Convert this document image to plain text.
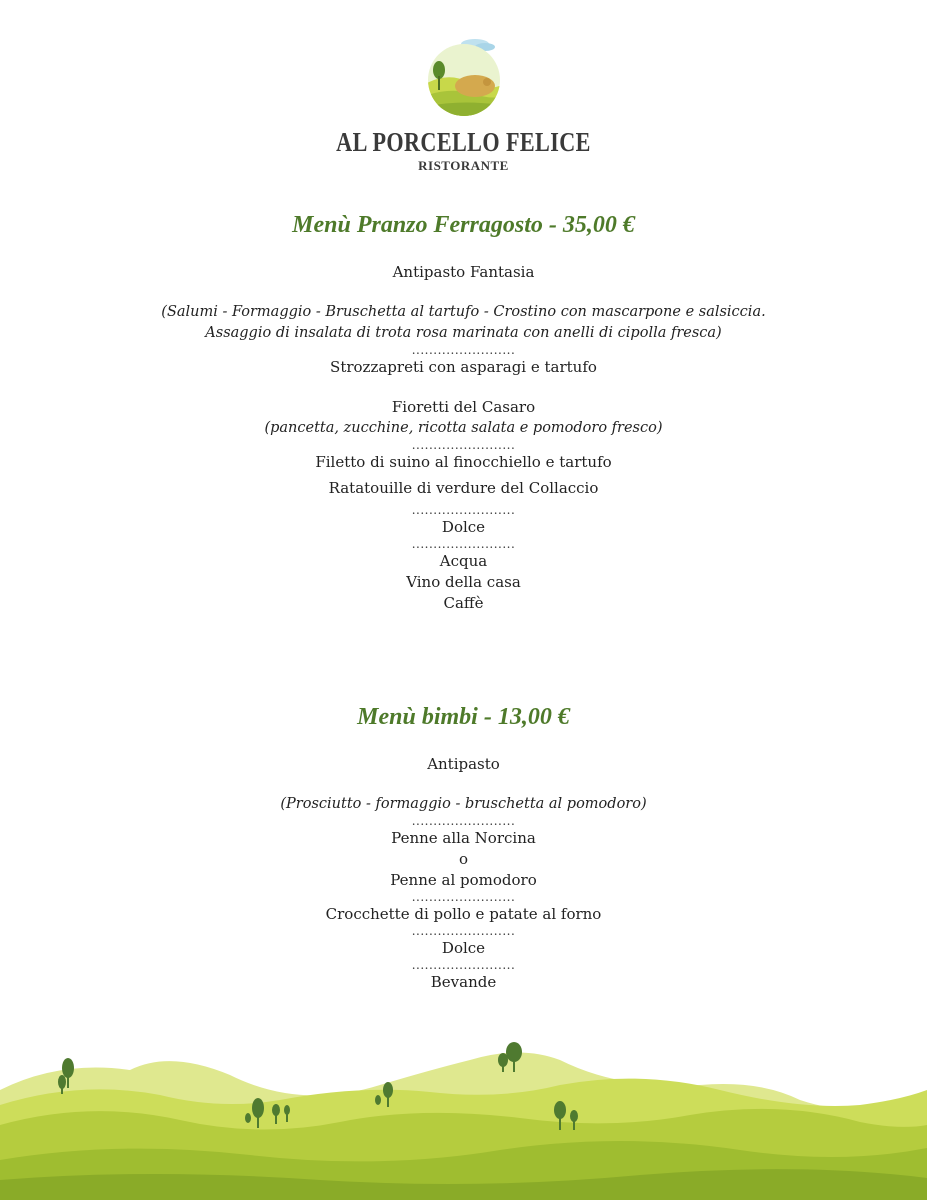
AL PORCELLO FELICE
RISTORANTE

Menù Pranzo Ferragosto - 35,00 €

Antipasto Fantasia

(Salumi - Formaggio - Bruschetta al tartufo - Crostino con mascarpone e salsiccia.

Assaggio di insalata di trota rosa marinata con anelli di cipolla fresca)

........................

Strozzapreti con asparagi e tartufo

Fioretti del Casaro

(pancetta, zucchine, ricotta salata e pomodoro fresco)

........................

Filetto di suino al finocchiello e tartufo

Ratatouille di verdure del Collaccio

........................

Dolce

........................

Acqua

Vino della casa

Caffè

Menù bimbi - 13,00 €

Antipasto

(Prosciutto - formaggio - bruschetta al pomodoro)

........................

Penne alla Norcina

o

Penne al pomodoro

........................

Crocchette di pollo e patate al forno

........................

Dolce

........................

Bevande
